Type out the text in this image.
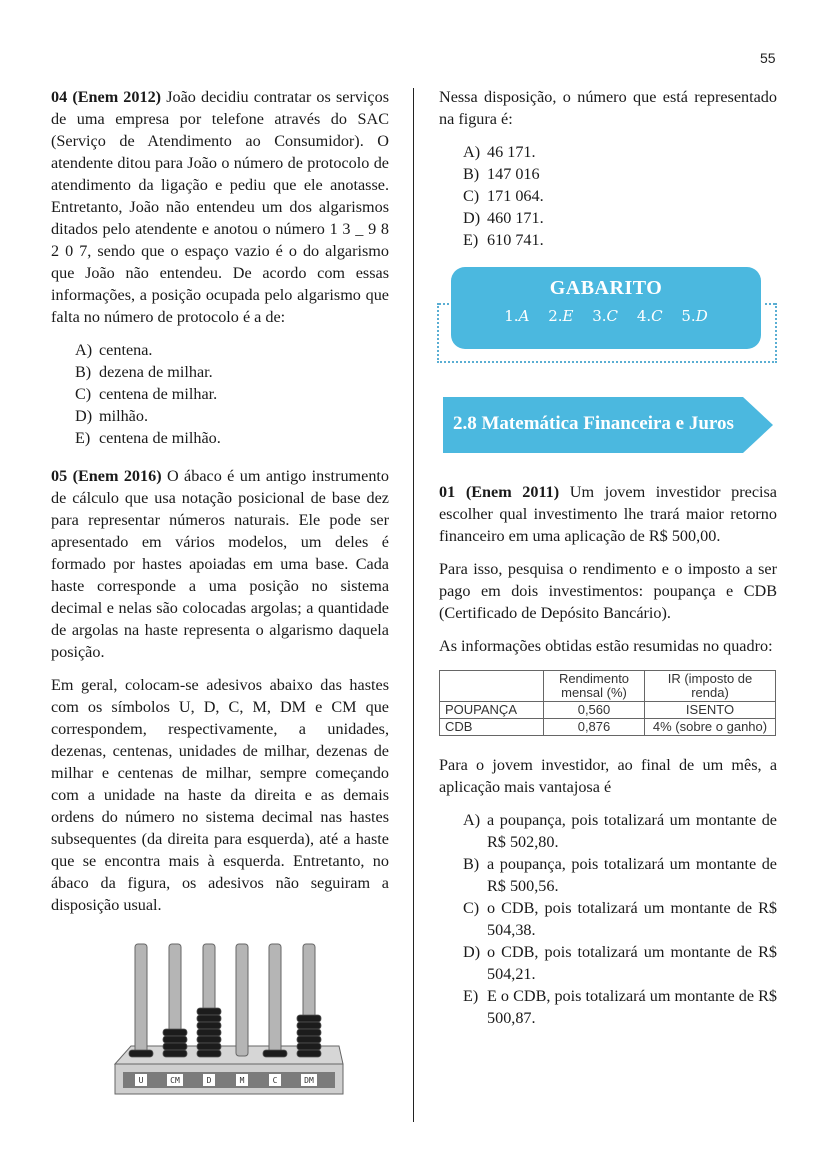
55

04 (Enem 2012) João decidiu contratar os serviços de uma empresa por telefone através do SAC (Serviço de Atendimento ao Consumidor). O atendente ditou para João o número de protocolo de atendimento da ligação e pediu que ele anotasse. Entretanto, João não entendeu um dos algarismos ditados pelo atendente e anotou o número 1 3 _ 9 8 2 0 7, sendo que o espaço vazio é o do algarismo que João não entendeu. De acordo com essas informações, a posição ocupada pelo algarismo que falta no número de protocolo é a de:

A) centena.
B) dezena de milhar.
C) centena de milhar.
D) milhão.
E) centena de milhão.

05 (Enem 2016) O ábaco é um antigo instrumento de cálculo que usa notação posicional de base dez para representar números naturais. Ele pode ser apresentado em vários modelos, um deles é formado por hastes apoiadas em uma base. Cada haste corresponde a uma posição no sistema decimal e nelas são colocadas argolas; a quantidade de argolas na haste representa o algarismo daquela posição.

Em geral, colocam-se adesivos abaixo das hastes com os símbolos U, D, C, M, DM e CM que correspondem, respectivamente, a unidades, dezenas, centenas, unidades de milhar, dezenas de milhar e centenas de milhar, sempre começando com a unidade na haste da direita e as demais ordens do número no sistema decimal nas hastes subsequentes (da direita para esquerda), até a haste que se encontra mais à esquerda. Entretanto, no ábaco da figura, os adesivos não seguiram a disposição usual.

U	CM	D	M	C	DM

Nessa disposição, o número que está representado na figura é:

A) 46 171.
B) 147 016
C) 171 064.
D) 460 171.
E) 610 741.
GABARITO
1.A 2.E 3.C 4.C 5.D
2.8 Matemática Financeira e Juros

01 (Enem 2011) Um jovem investidor precisa escolher qual investimento lhe trará maior retorno financeiro em uma aplicação de R$ 500,00.

Para isso, pesquisa o rendimento e o imposto a ser pago em dois investimentos: poupança e CDB (Certificado de Depósito Bancário).

As informações obtidas estão resumidas no quadro:

	Rendimento mensal (%)	IR (imposto de renda)
POUPANÇA	0,560	ISENTO
CDB	0,876	4% (sobre o ganho)

Para o jovem investidor, ao final de um mês, a aplicação mais vantajosa é

A) a poupança, pois totalizará um montante de R$ 502,80.
B) a poupança, pois totalizará um montante de R$ 500,56.
C) o CDB, pois totalizará um montante de R$ 504,38.
D) o CDB, pois totalizará um montante de R$ 504,21.
E) E o CDB, pois totalizará um montante de R$ 500,87.
